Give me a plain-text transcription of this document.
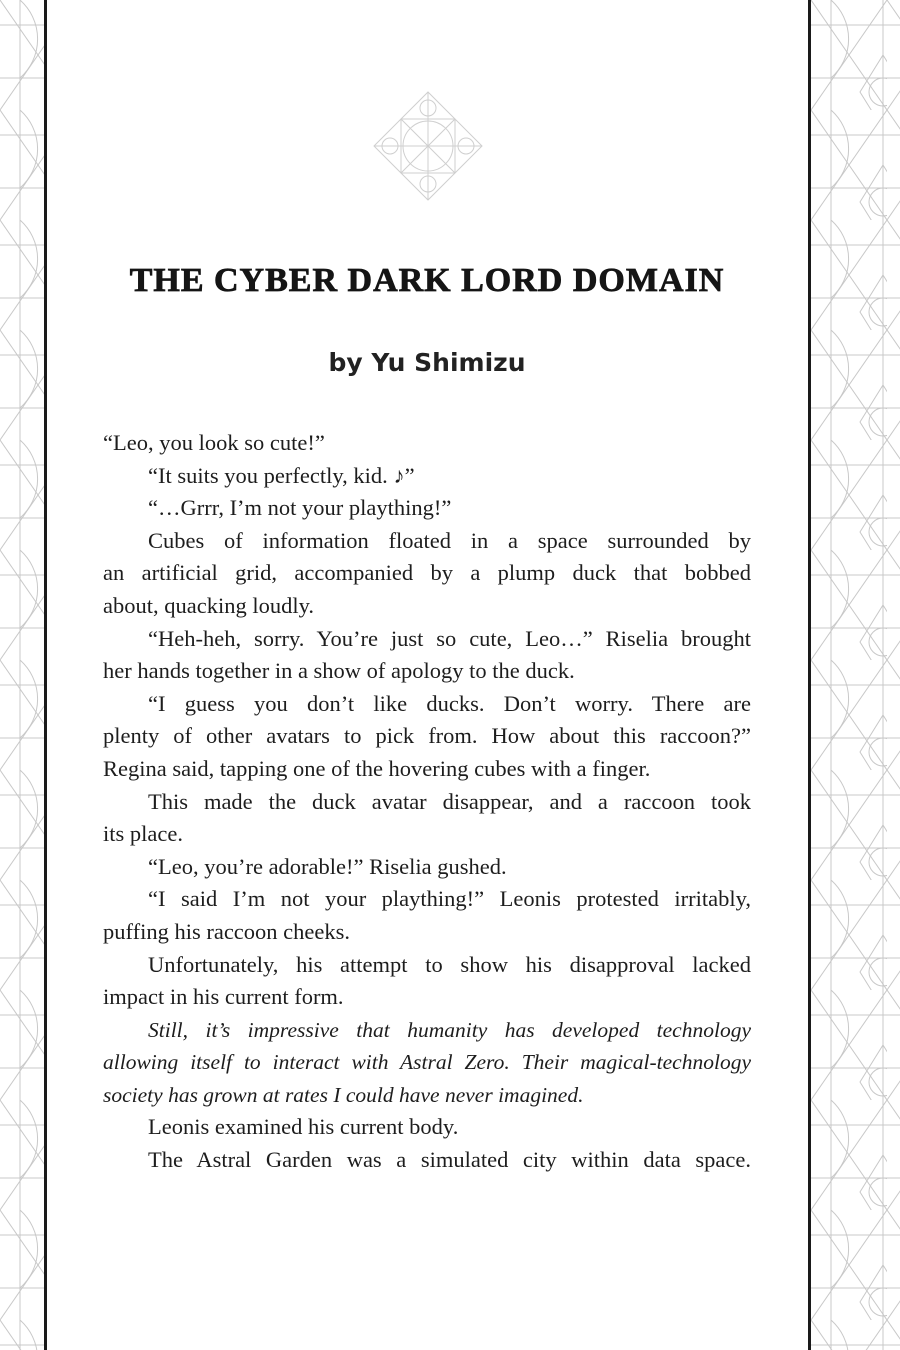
THE CYBER DARK LORD DOMAIN
by Yu Shimizu
“Leo, you look so cute!”
“It suits you perfectly, kid. ♪”
“…Grrr, I’m not your plaything!”
Cubes of information floated in a space surrounded by
an artificial grid, accompanied by a plump duck that bobbed
about, quacking loudly.
“Heh-heh, sorry. You’re just so cute, Leo…” Riselia brought
her hands together in a show of apology to the duck.
“I guess you don’t like ducks. Don’t worry. There are
plenty of other avatars to pick from. How about this raccoon?”
Regina said, tapping one of the hovering cubes with a finger.
This made the duck avatar disappear, and a raccoon took
its place.
“Leo, you’re adorable!” Riselia gushed.
“I said I’m not your plaything!” Leonis protested irritably,
puffing his raccoon cheeks.
Unfortunately, his attempt to show his disapproval lacked
impact in his current form.
Still, it’s impressive that humanity has developed technology
allowing itself to interact with Astral Zero. Their magical-technology
society has grown at rates I could have never imagined.
Leonis examined his current body.
The Astral Garden was a simulated city within data space.
